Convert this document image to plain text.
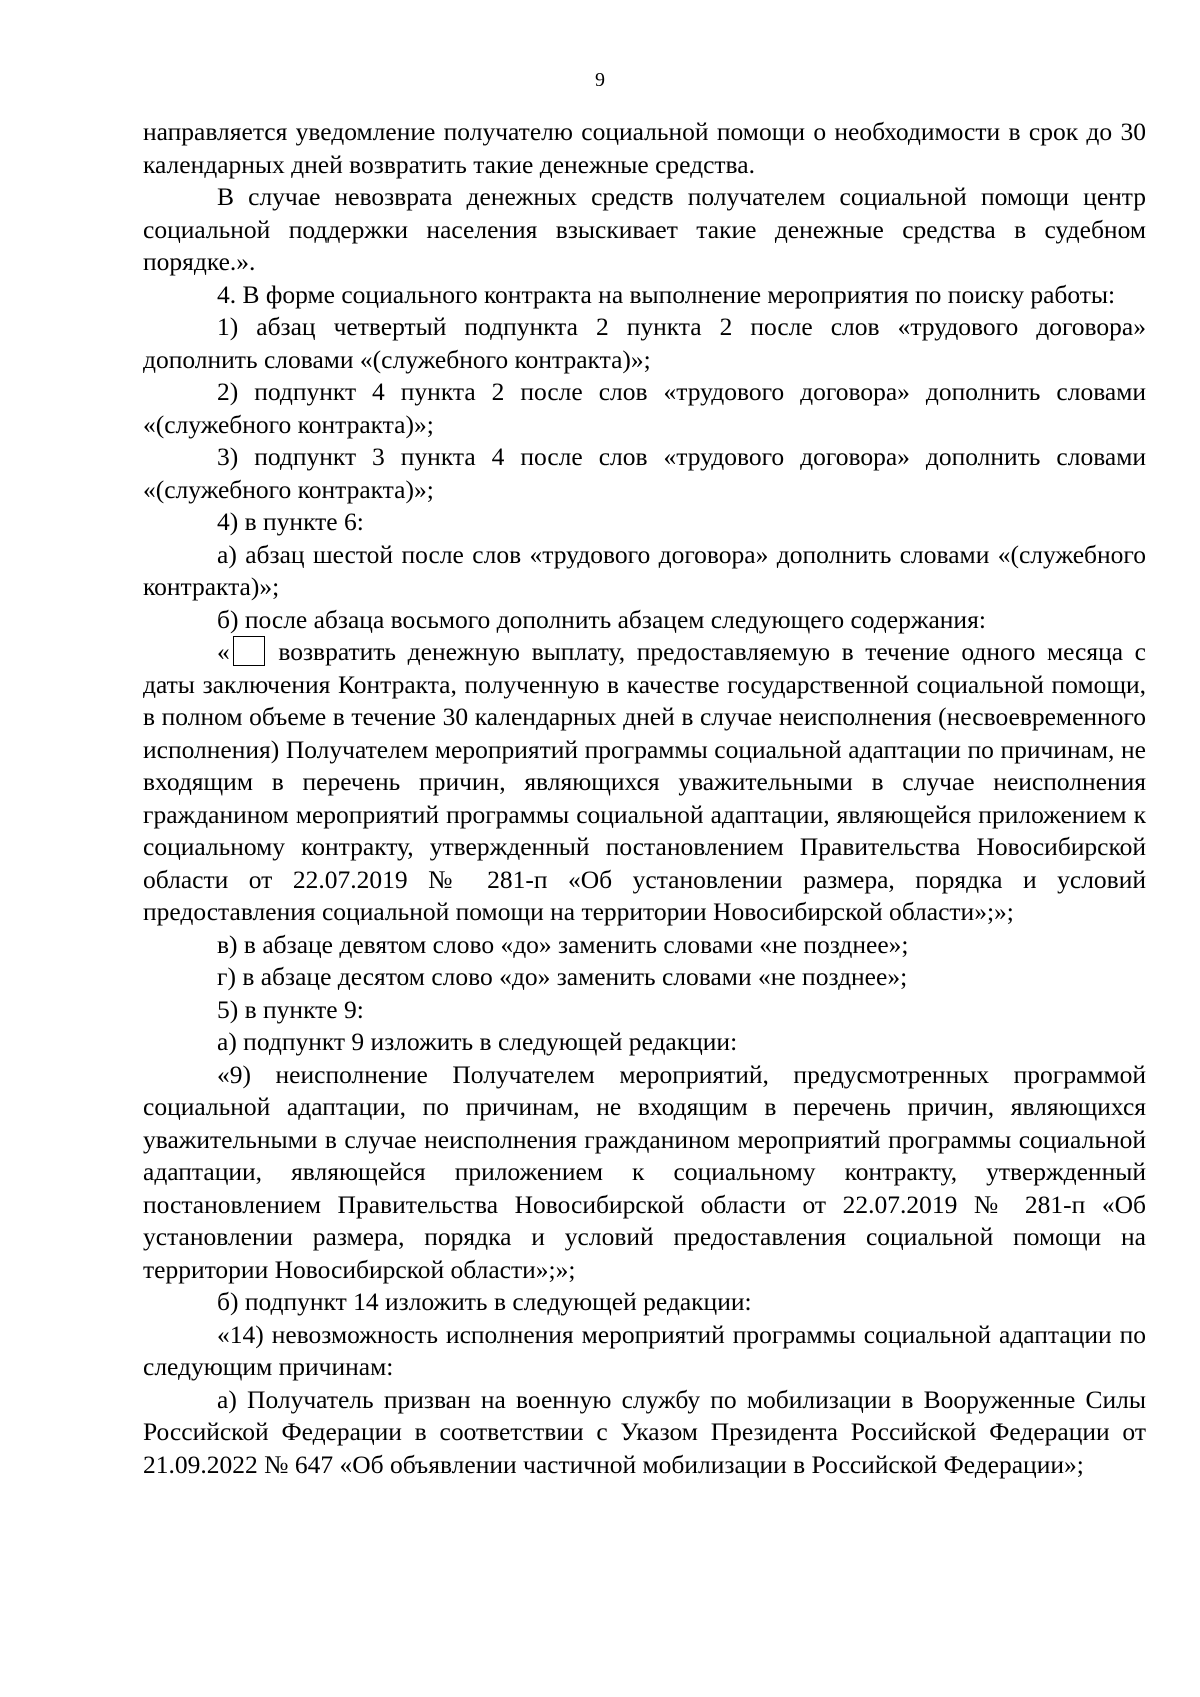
9

направляется уведомление получателю социальной помощи о необходимости в срок до 30 календарных дней возвратить такие денежные средства.

В случае невозврата денежных средств получателем социальной помощи центр социальной поддержки населения взыскивает такие денежные средства в судебном порядке.».

4. В форме социального контракта на выполнение мероприятия по поиску работы:

1) абзац четвертый подпункта 2 пункта 2 после слов «трудового договора» дополнить словами «(служебного контракта)»;

2) подпункт 4 пункта 2 после слов «трудового договора» дополнить словами «(служебного контракта)»;

3) подпункт 3 пункта 4 после слов «трудового договора» дополнить словами «(служебного контракта)»;

4) в пункте 6:

а) абзац шестой после слов «трудового договора» дополнить словами «(служебного контракта)»;

б) после абзаца восьмого дополнить абзацем следующего содержания:

« возвратить денежную выплату, предоставляемую в течение одного месяца с даты заключения Контракта, полученную в качестве государственной социальной помощи, в полном объеме в течение 30 календарных дней в случае неисполнения (несвоевременного исполнения) Получателем мероприятий программы социальной адаптации по причинам, не входящим в перечень причин, являющихся уважительными в случае неисполнения гражданином мероприятий программы социальной адаптации, являющейся приложением к социальному контракту, утвержденный постановлением Правительства Новосибирской области от 22.07.2019 № 281-п «Об установлении размера, порядка и условий предоставления социальной помощи на территории Новосибирской области»;»;

в) в абзаце девятом слово «до» заменить словами «не позднее»;

г) в абзаце десятом слово «до» заменить словами «не позднее»;

5) в пункте 9:

а) подпункт 9 изложить в следующей редакции:

«9) неисполнение Получателем мероприятий, предусмотренных программой социальной адаптации, по причинам, не входящим в перечень причин, являющихся уважительными в случае неисполнения гражданином мероприятий программы социальной адаптации, являющейся приложением к социальному контракту, утвержденный постановлением Правительства Новосибирской области от 22.07.2019 № 281-п «Об установлении размера, порядка и условий предоставления социальной помощи на территории Новосибирской области»;»;

б) подпункт 14 изложить в следующей редакции:

«14) невозможность исполнения мероприятий программы социальной адаптации по следующим причинам:

а) Получатель призван на военную службу по мобилизации в Вооруженные Силы Российской Федерации в соответствии с Указом Президента Российской Федерации от 21.09.2022 № 647 «Об объявлении частичной мобилизации в Российской Федерации»;
